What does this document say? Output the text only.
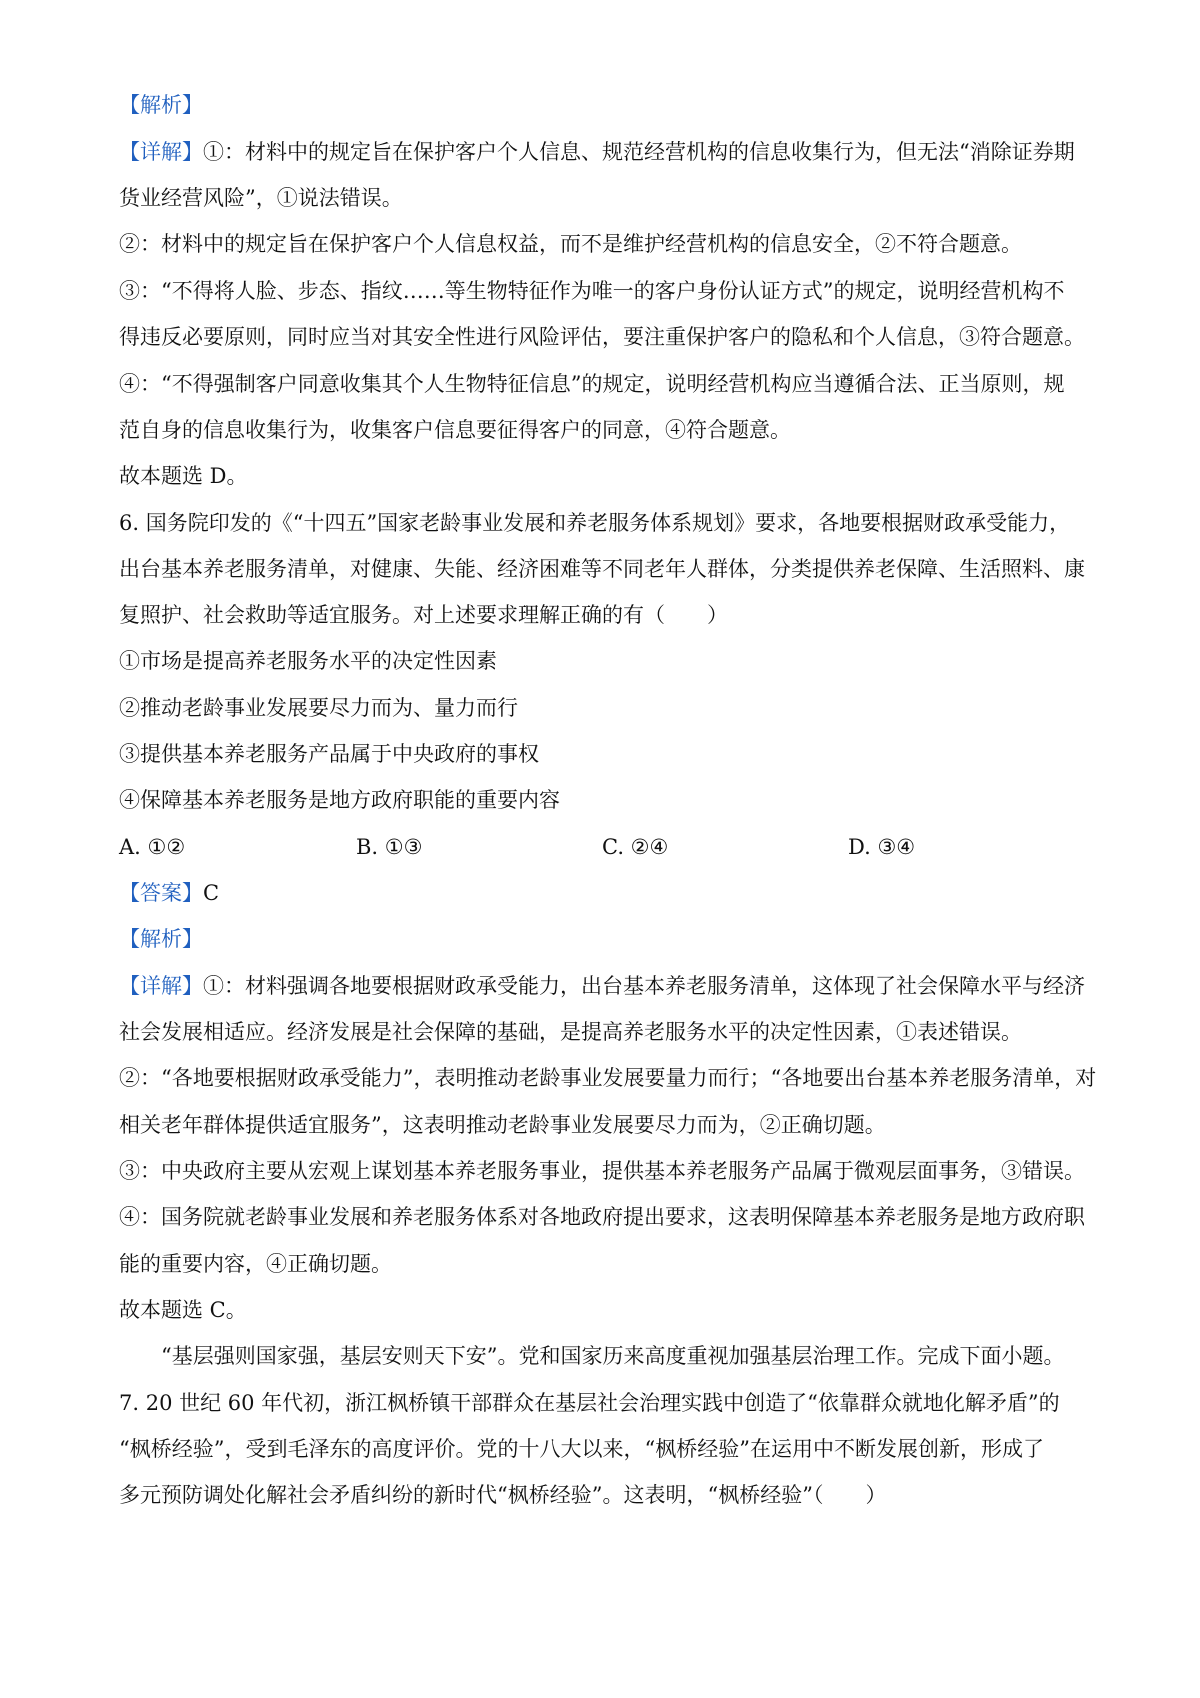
【解析】
【详解】①：材料中的规定旨在保护客户个人信息、规范经营机构的信息收集行为，但无法“消除证券期
货业经营风险”，①说法错误。
②：材料中的规定旨在保护客户个人信息权益，而不是维护经营机构的信息安全，②不符合题意。
③：“不得将人脸、步态、指纹……等生物特征作为唯一的客户身份认证方式”的规定，说明经营机构不
得违反必要原则，同时应当对其安全性进行风险评估，要注重保护客户的隐私和个人信息，③符合题意。
④：“不得强制客户同意收集其个人生物特征信息”的规定，说明经营机构应当遵循合法、正当原则，规
范自身的信息收集行为，收集客户信息要征得客户的同意，④符合题意。
故本题选 D。
6. 国务院印发的《“十四五”国家老龄事业发展和养老服务体系规划》要求，各地要根据财政承受能力，
出台基本养老服务清单，对健康、失能、经济困难等不同老年人群体，分类提供养老保障、生活照料、康
复照护、社会救助等适宜服务。对上述要求理解正确的有（　　）
①市场是提高养老服务水平的决定性因素
②推动老龄事业发展要尽力而为、量力而行
③提供基本养老服务产品属于中央政府的事权
④保障基本养老服务是地方政府职能的重要内容
A. ①②	B. ①③	C. ②④	D. ③④
【答案】C
【解析】
【详解】①：材料强调各地要根据财政承受能力，出台基本养老服务清单，这体现了社会保障水平与经济
社会发展相适应。经济发展是社会保障的基础，是提高养老服务水平的决定性因素，①表述错误。
②：“各地要根据财政承受能力”，表明推动老龄事业发展要量力而行；“各地要出台基本养老服务清单，对
相关老年群体提供适宜服务”，这表明推动老龄事业发展要尽力而为，②正确切题。
③：中央政府主要从宏观上谋划基本养老服务事业，提供基本养老服务产品属于微观层面事务，③错误。
④：国务院就老龄事业发展和养老服务体系对各地政府提出要求，这表明保障基本养老服务是地方政府职
能的重要内容，④正确切题。
故本题选 C。
“基层强则国家强，基层安则天下安”。党和国家历来高度重视加强基层治理工作。完成下面小题。
7. 20 世纪 60 年代初，浙江枫桥镇干部群众在基层社会治理实践中创造了“依靠群众就地化解矛盾”的
“枫桥经验”，受到毛泽东的高度评价。党的十八大以来，“枫桥经验”在运用中不断发展创新，形成了
多元预防调处化解社会矛盾纠纷的新时代“枫桥经验”。这表明，“枫桥经验”（　　）
